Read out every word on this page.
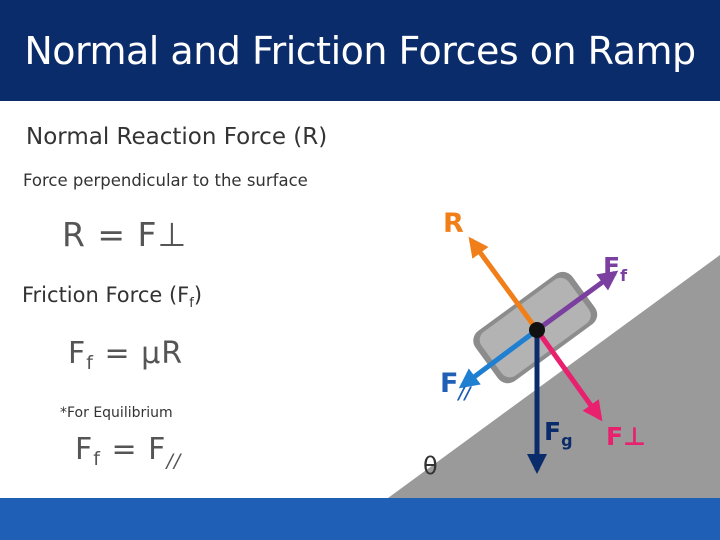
Normal and Friction Forces on Ramp
Normal Reaction Force (R)
Force perpendicular to the surface
R = F⊥
Friction Force $(F_f)$
$F_f = \mu R$
*For Equilibrium
$F_f = F_{//}$
R
$F_f$
$F_{//}$
$F_g$ F⊥
θ
